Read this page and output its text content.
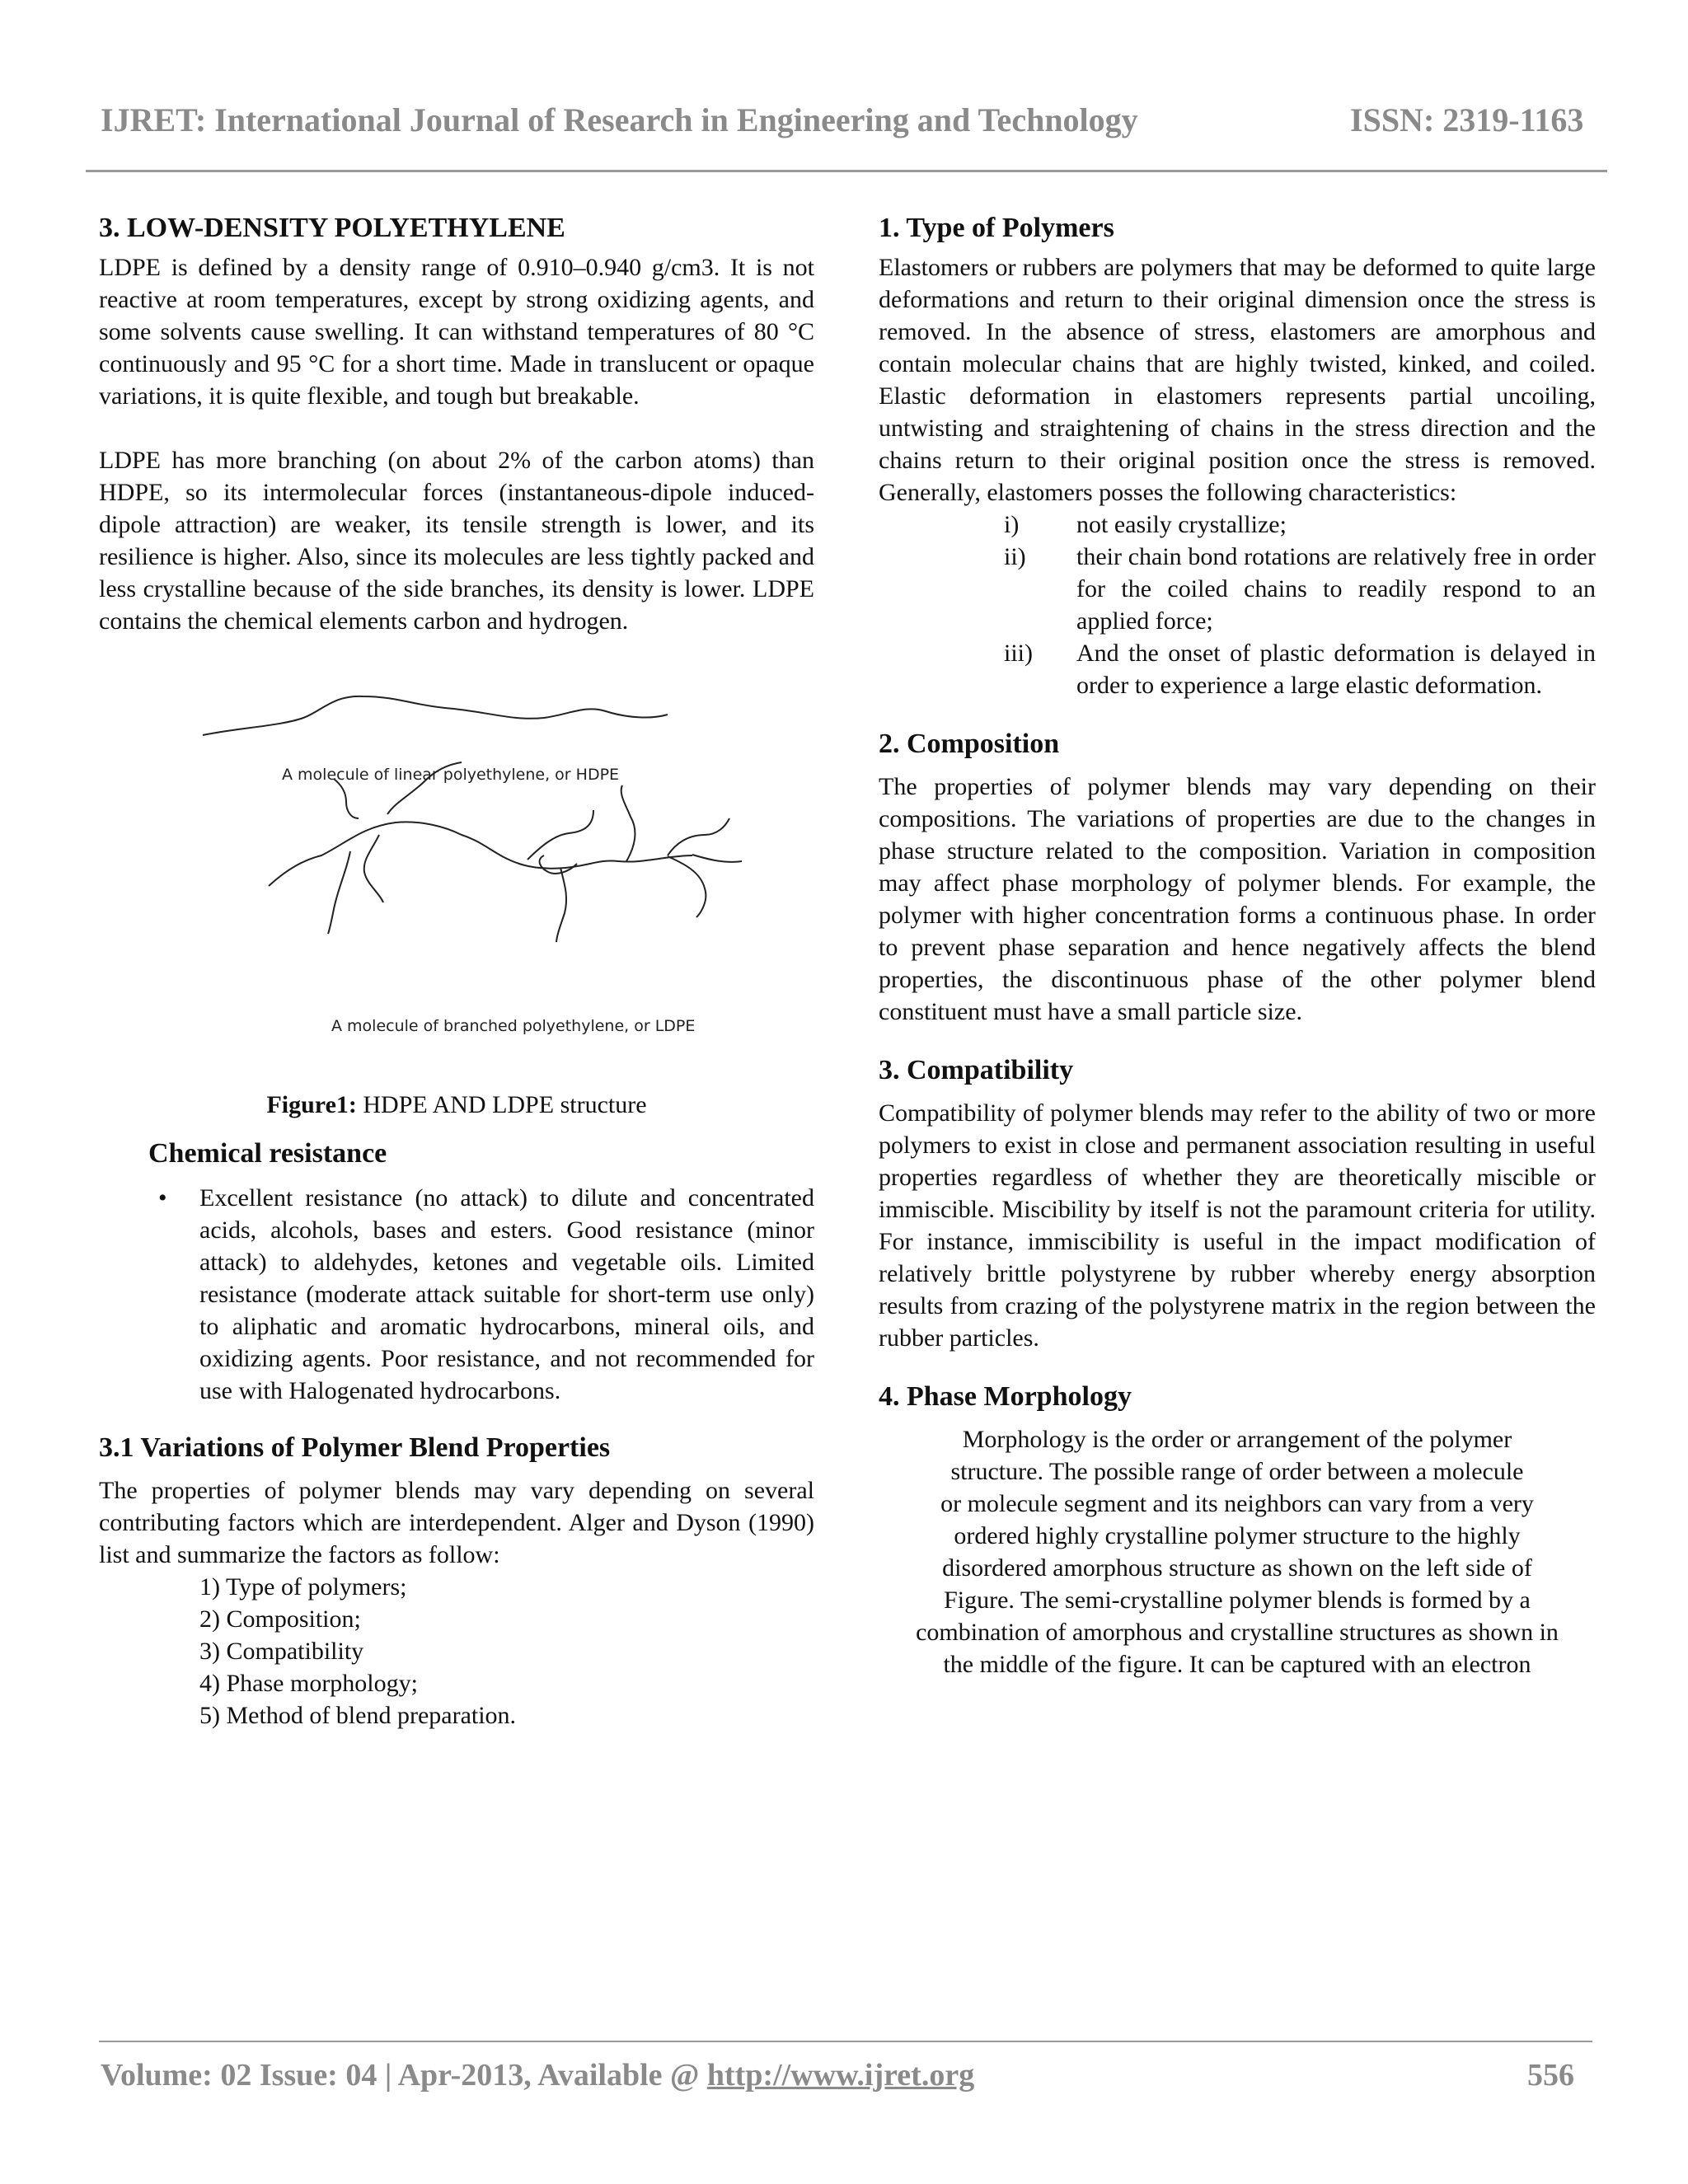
IJRET: International Journal of Research in Engineering and Technology	ISSN: 2319-1163

3. LOW-DENSITY POLYETHYLENE

LDPE is defined by a density range of 0.910–0.940 g/cm3. It is not reactive at room temperatures, except by strong oxidizing agents, and some solvents cause swelling. It can withstand temperatures of 80 °C continuously and 95 °C for a short time. Made in translucent or opaque variations, it is quite flexible, and tough but breakable.

LDPE has more branching (on about 2% of the carbon atoms) than HDPE, so its intermolecular forces (instantaneous-dipole induced-dipole attraction) are weaker, its tensile strength is lower, and its resilience is higher. Also, since its molecules are less tightly packed and less crystalline because of the side branches, its density is lower. LDPE contains the chemical elements carbon and hydrogen.

A molecule of linear polyethylene, or HDPE
A molecule of branched polyethylene, or LDPE

Figure1: HDPE AND LDPE structure

Chemical resistance

• Excellent resistance (no attack) to dilute and concentrated acids, alcohols, bases and esters. Good resistance (minor attack) to aldehydes, ketones and vegetable oils. Limited resistance (moderate attack suitable for short-term use only) to aliphatic and aromatic hydrocarbons, mineral oils, and oxidizing agents. Poor resistance, and not recommended for use with Halogenated hydrocarbons.

3.1 Variations of Polymer Blend Properties

The properties of polymer blends may vary depending on several contributing factors which are interdependent. Alger and Dyson (1990) list and summarize the factors as follow:

1) Type of polymers;
2) Composition;
3) Compatibility
4) Phase morphology;
5) Method of blend preparation.

1. Type of Polymers

Elastomers or rubbers are polymers that may be deformed to quite large deformations and return to their original dimension once the stress is removed. In the absence of stress, elastomers are amorphous and contain molecular chains that are highly twisted, kinked, and coiled. Elastic deformation in elastomers represents partial uncoiling, untwisting and straightening of chains in the stress direction and the chains return to their original position once the stress is removed. Generally, elastomers posses the following characteristics:

i)	not easily crystallize;
ii)	their chain bond rotations are relatively free in order for the coiled chains to readily respond to an applied force;
iii)	And the onset of plastic deformation is delayed in order to experience a large elastic deformation.

2. Composition

The properties of polymer blends may vary depending on their compositions. The variations of properties are due to the changes in phase structure related to the composition. Variation in composition may affect phase morphology of polymer blends. For example, the polymer with higher concentration forms a continuous phase. In order to prevent phase separation and hence negatively affects the blend properties, the discontinuous phase of the other polymer blend constituent must have a small particle size.

3. Compatibility

Compatibility of polymer blends may refer to the ability of two or more polymers to exist in close and permanent association resulting in useful properties regardless of whether they are theoretically miscible or immiscible. Miscibility by itself is not the paramount criteria for utility. For instance, immiscibility is useful in the impact modification of relatively brittle polystyrene by rubber whereby energy absorption results from crazing of the polystyrene matrix in the region between the rubber particles.

4. Phase Morphology

Morphology is the order or arrangement of the polymer

structure. The possible range of order between a molecule

or molecule segment and its neighbors can vary from a very

ordered highly crystalline polymer structure to the highly

disordered amorphous structure as shown on the left side of

Figure. The semi-crystalline polymer blends is formed by a

combination of amorphous and crystalline structures as shown in

the middle of the figure. It can be captured with an electron

Volume: 02 Issue: 04 | Apr-2013, Available @ http://www.ijret.org	556
